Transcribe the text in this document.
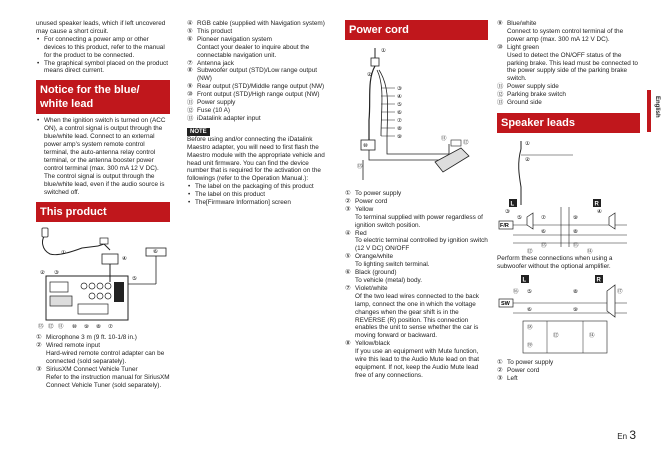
unused speaker leads, which if left uncovered may cause a short circuit.

• For connecting a power amp or other devices to this product, refer to the manual for the product to be connected.
• The graphical symbol placed on the product means direct current.
Notice for the blue/ white lead
• When the ignition switch is turned on (ACC ON), a control signal is output through the blue/white lead. Connect to an external power amp's system remote control terminal, the auto-antenna relay control terminal, or the antenna booster power control terminal (max. 300 mA 12 V DC). The control signal is output through the blue/white lead, even if the audio source is switched off.
This product
①
④
⑥
② ③
⑤
⑬ ⑫ ⑪ ⑩ ⑨ ⑧ ⑦
① Microphone 3 m (9 ft. 10-1/8 in.)
② Wired remote input

Hard-wired remote control adapter can be connected (sold separately).

③ SiriusXM Connect Vehicle Tuner

Refer to the instruction manual for SiriusXM Connect Vehicle Tuner (sold separately).

④ RGB cable (supplied with Navigation system)
⑤ This product
⑥ Pioneer navigation system
Contact your dealer to inquire about the connectable navigation unit.
⑦ Antenna jack
⑧ Subwoofer output (STD)/Low range output (NW)
⑨ Rear output (STD)/Middle range output (NW)
⑩ Front output (STD)/High range output (NW)
⑪ Power supply
⑫ Fuse (10 A)
⑬ iDatalink adapter input
NOTE

Before using and/or connecting the iDatalink Maestro adapter, you will need to first flash the Maestro module with the appropriate vehicle and head unit firmware. You can find the device number that is required for the activation on the followings (refer to the Operation Manual.):

• The label on the packaging of this product
• The label on this product
• The[Firmware Information] screen
Power cord
①
②
③
④
⑤
⑥
⑦
⑧
⑨
⑩
⑪
⑫
⑬
① To power supply
② Power cord
③ Yellow

To terminal supplied with power regardless of ignition switch position.

④ Red

To electric terminal controlled by ignition switch (12 V DC) ON/OFF

⑤ Orange/white

To lighting switch terminal.

⑥ Black (ground)

To vehicle (metal) body.

⑦ Violet/white

Of the two lead wires connected to the back lamp, connect the one in which the voltage changes when the gear shift is in the REVERSE (R) position. This connection enables the unit to sense whether the car is moving forward or backward.

⑧ Yellow/black

If you use an equipment with Mute function, wire this lead to the Audio Mute lead on that equipment. If not, keep the Audio Mute lead free of any connections.

⑨ Blue/white

Connect to system control terminal of the power amp (max. 300 mA 12 V DC).

⑩ Light green

Used to detect the ON/OFF status of the parking brake. This lead must be connected to the power supply side of the parking brake switch.

⑪ Power supply side
⑫ Parking brake switch
⑬ Ground side
Speaker leads
①
②
L	R
F/R
⑤	⑦
⑥
⑨
⑧
⑬	⑮
⑫	⑭
④
③

Perform these connections when using a subwoofer without the optional amplifier.

L	R
SW
⑤
⑥
⑧
⑨
⑯	⑰
⑱
⑲
⑫	⑭
① To power supply
② Power cord
③ Left
English
En 3
